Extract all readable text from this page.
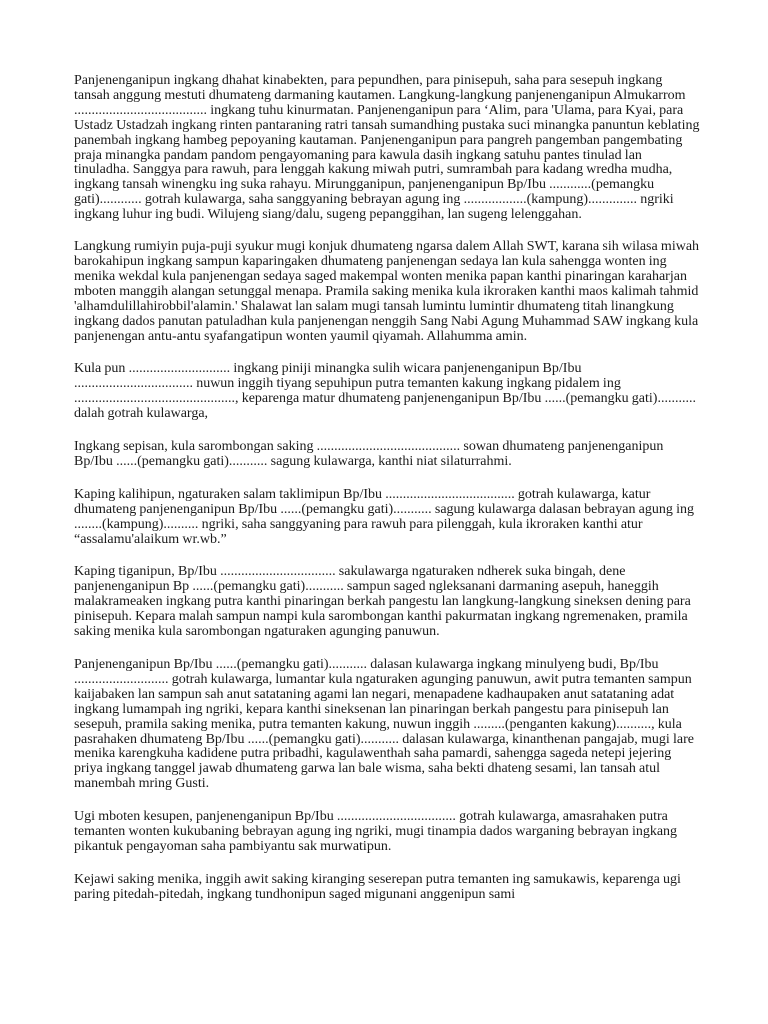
Panjenenganipun ingkang dhahat kinabekten, para pepundhen, para pinisepuh, saha para sesepuh ingkang tansah anggung mestuti dhumateng darmaning kautamen. Langkung-langkung panjenenganipun Almukarrom ...................................... ingkang tuhu kinurmatan. Panjenenganipun para ‘Alim, para 'Ulama, para Kyai, para Ustadz Ustadzah ingkang rinten pantaraning ratri tansah sumandhing pustaka suci minangka panuntun keblating panembah ingkang hambeg pepoyaning kautaman. Panjenenganipun para pangreh pangemban pangembating praja minangka pandam pandom pengayomaning para kawula dasih ingkang satuhu pantes tinulad lan tinuladha. Sanggya para rawuh, para lenggah kakung miwah putri, sumrambah para kadang wredha mudha, ingkang tansah winengku ing suka rahayu. Mirungganipun, panjenenganipun Bp/Ibu ............(pemangku gati)............ gotrah kulawarga, saha sanggyaning bebrayan agung ing ..................(kampung).............. ngriki ingkang luhur ing budi. Wilujeng siang/dalu, sugeng pepanggihan, lan sugeng lelenggahan.

Langkung rumiyin puja-puji syukur mugi konjuk dhumateng ngarsa dalem Allah SWT, karana sih wilasa miwah barokahipun ingkang sampun kaparingaken dhumateng panjenengan sedaya lan kula sahengga wonten ing menika wekdal kula panjenengan sedaya saged makempal wonten menika papan kanthi pinaringan karaharjan mboten manggih alangan setunggal menapa. Pramila saking menika kula ikroraken kanthi maos kalimah tahmid 'alhamdulillahirobbil'alamin.' Shalawat lan salam mugi tansah lumintu lumintir dhumateng titah linangkung ingkang dados panutan patuladhan kula panjenengan nenggih Sang Nabi Agung Muhammad SAW ingkang kula panjenengan antu-antu syafangatipun wonten yaumil qiyamah. Allahumma amin.

Kula pun ............................. ingkang piniji minangka sulih wicara panjenenganipun Bp/Ibu .................................. nuwun inggih tiyang sepuhipun putra temanten kakung ingkang pidalem ing .............................................., keparenga matur dhumateng panjenenganipun Bp/Ibu ......(pemangku gati)........... dalah gotrah kulawarga,

Ingkang sepisan, kula sarombongan saking ......................................... sowan dhumateng panjenenganipun Bp/Ibu ......(pemangku gati)........... sagung kulawarga, kanthi niat silaturrahmi.

Kaping kalihipun, ngaturaken salam taklimipun Bp/Ibu ..................................... gotrah kulawarga, katur dhumateng panjenenganipun Bp/Ibu ......(pemangku gati)........... sagung kulawarga dalasan bebrayan agung ing ........(kampung).......... ngriki, saha sanggyaning para rawuh para pilenggah, kula ikroraken kanthi atur “assalamu'alaikum wr.wb.”

Kaping tiganipun, Bp/Ibu ................................. sakulawarga ngaturaken ndherek suka bingah, dene panjenenganipun Bp ......(pemangku gati)........... sampun saged ngleksanani darmaning asepuh, haneggih malakrameaken ingkang putra kanthi pinaringan berkah pangestu lan langkung-langkung sineksen dening para pinisepuh. Kepara malah sampun nampi kula sarombongan kanthi pakurmatan ingkang ngremenaken, pramila saking menika kula sarombongan ngaturaken agunging panuwun.

Panjenenganipun Bp/Ibu ......(pemangku gati)........... dalasan kulawarga ingkang minulyeng budi, Bp/Ibu ........................... gotrah kulawarga, lumantar kula ngaturaken agunging panuwun, awit putra temanten sampun kaijabaken lan sampun sah anut satataning agami lan negari, menapadene kadhaupaken anut satataning adat ingkang lumampah ing ngriki, kepara kanthi sineksenan lan pinaringan berkah pangestu para pinisepuh lan sesepuh, pramila saking menika, putra temanten kakung, nuwun inggih .........(penganten kakung).........., kula pasrahaken dhumateng Bp/Ibu ......(pemangku gati)........... dalasan kulawarga, kinanthenan pangajab, mugi lare menika karengkuha kadidene putra pribadhi, kagulawenthah saha pamardi, sahengga sageda netepi jejering priya ingkang tanggel jawab dhumateng garwa lan bale wisma, saha bekti dhateng sesami, lan tansah atul manembah mring Gusti.

Ugi mboten kesupen, panjenenganipun Bp/Ibu .................................. gotrah kulawarga, amasrahaken putra temanten wonten kukubaning bebrayan agung ing ngriki, mugi tinampia dados warganing bebrayan ingkang pikantuk pengayoman saha pambiyantu sak murwatipun.

Kejawi saking menika, inggih awit saking kiranging seserepan putra temanten ing samukawis, keparenga ugi paring pitedah-pitedah, ingkang tundhonipun saged migunani anggenipun sami
